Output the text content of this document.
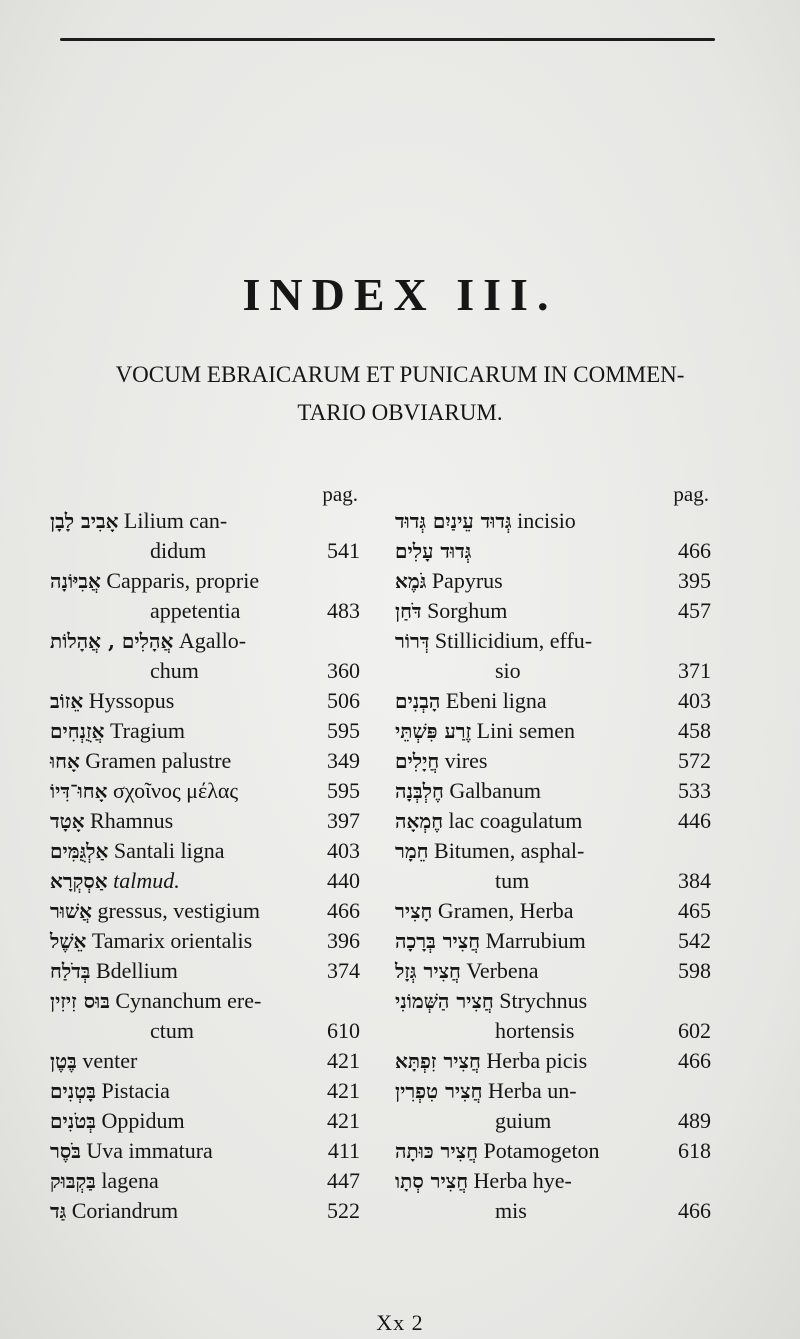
INDEX III.
VOCUM EBRAICARUM ET PUNICARUM IN COMMEN-
TARIO OBVIARUM.
pag.
אָבִיב לָבָן Lilium can-
didum	541
אֲבִיּוֹנָה Capparis, proprie
appetentia	483
אֲהָלִים , אֲהָלוֹת Agallo-
chum	360
אֵזוֹב Hyssopus	506
אֲזֻנְחִים Tragium	595
אָחוּ Gramen palustre	349
אָחוּ־דִּיוֹ σχοῖνος μέλας	595
אָטָד Rhamnus	397
אַלְגֻּמִּים Santali ligna	403
אַסְקְרָא talmud.	440
אֲשׁוּר gressus, vestigium	466
אֵשֶׁל Tamarix orientalis	396
בְּדֹלַח Bdellium	374
בּוּס זִיזִין Cynanchum ere-
ctum	610
בֶּטֶן venter	421
בָּטְנִים Pistacia	421
בְּטֹנִים Oppidum	421
בֹּסֶר Uva immatura	411
בַּקְבּוּק lagena	447
גַּד Coriandrum	522
pag.
גְּדוּד עֵינַיִם גְּדוּד incisio
גְּדוּד עָלִים	466
גֹּמֶא Papyrus	395
דֹּחַן Sorghum	457
דְּרוֹר Stillicidium, effu-
sio	371
הָבְנִים Ebeni ligna	403
זֶרַע פִּשְׁתֵּי Lini semen	458
חֲיָלִים vires	572
חֶלְבְּנָה Galbanum	533
חֶמְאָה lac coagulatum	446
חֵמָר Bitumen, asphal-
tum	384
חָצִיר Gramen, Herba	465
חֲצִיר בְּרָכָה Marrubium	542
חֲצִיר גְּזָל Verbena	598
חֲצִיר הַשְּׁמוֹנִי Strychnus
hortensis	602
חֲצִיר זִפְתָּא Herba picis	466
חֲצִיר טִפְרִין Herba un-
guium	489
חֲצִיר כּוּתָה Potamogeton	618
חֲצִיר סְתָו Herba hye-
mis	466
Xx 2
